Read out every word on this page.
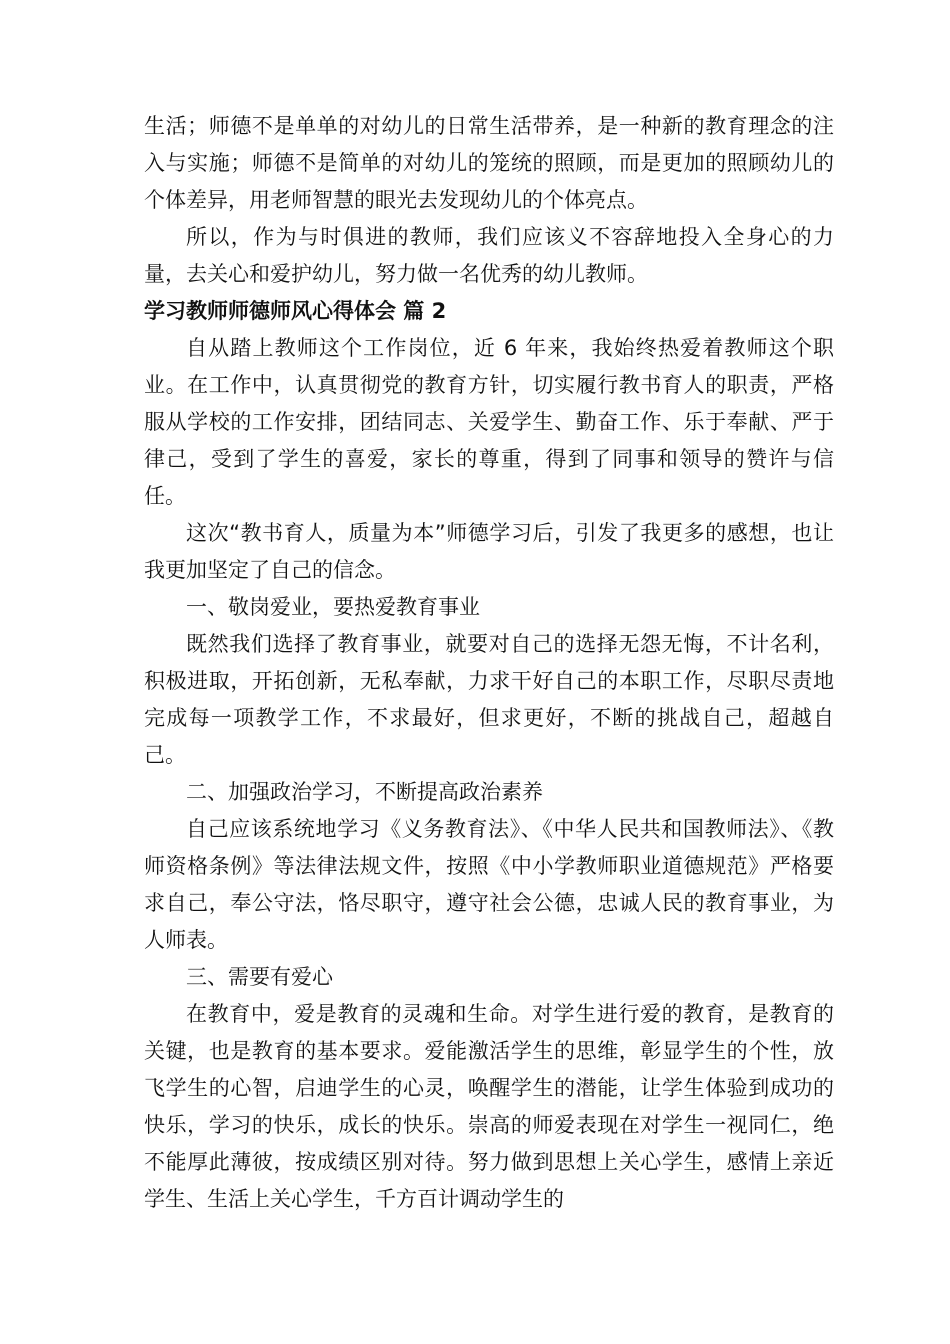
生活；师德不是单单的对幼儿的日常生活带养，是一种新的教育理念的注入与实施；师德不是简单的对幼儿的笼统的照顾，而是更加的照顾幼儿的个体差异，用老师智慧的眼光去发现幼儿的个体亮点。

所以，作为与时俱进的教师，我们应该义不容辞地投入全身心的力量，去关心和爱护幼儿，努力做一名优秀的幼儿教师。

学习教师师德师风心得体会 篇 2

自从踏上教师这个工作岗位，近 6 年来，我始终热爱着教师这个职业。在工作中，认真贯彻党的教育方针，切实履行教书育人的职责，严格服从学校的工作安排，团结同志、关爱学生、勤奋工作、乐于奉献、严于律己，受到了学生的喜爱，家长的尊重，得到了同事和领导的赞许与信任。

这次“教书育人，质量为本”师德学习后，引发了我更多的感想，也让我更加坚定了自己的信念。

一、敬岗爱业，要热爱教育事业

既然我们选择了教育事业，就要对自己的选择无怨无悔，不计名利，积极进取，开拓创新，无私奉献，力求干好自己的本职工作，尽职尽责地完成每一项教学工作，不求最好，但求更好，不断的挑战自己，超越自己。

二、加强政治学习，不断提高政治素养

自己应该系统地学习《义务教育法》、《中华人民共和国教师法》、《教师资格条例》等法律法规文件，按照《中小学教师职业道德规范》严格要求自己，奉公守法，恪尽职守，遵守社会公德，忠诚人民的教育事业，为人师表。

三、需要有爱心

在教育中，爱是教育的灵魂和生命。对学生进行爱的教育，是教育的关键，也是教育的基本要求。爱能激活学生的思维，彰显学生的个性，放飞学生的心智，启迪学生的心灵，唤醒学生的潜能，让学生体验到成功的快乐，学习的快乐，成长的快乐。崇高的师爱表现在对学生一视同仁，绝不能厚此薄彼，按成绩区别对待。努力做到思想上关心学生，感情上亲近学生、生活上关心学生，千方百计调动学生的
